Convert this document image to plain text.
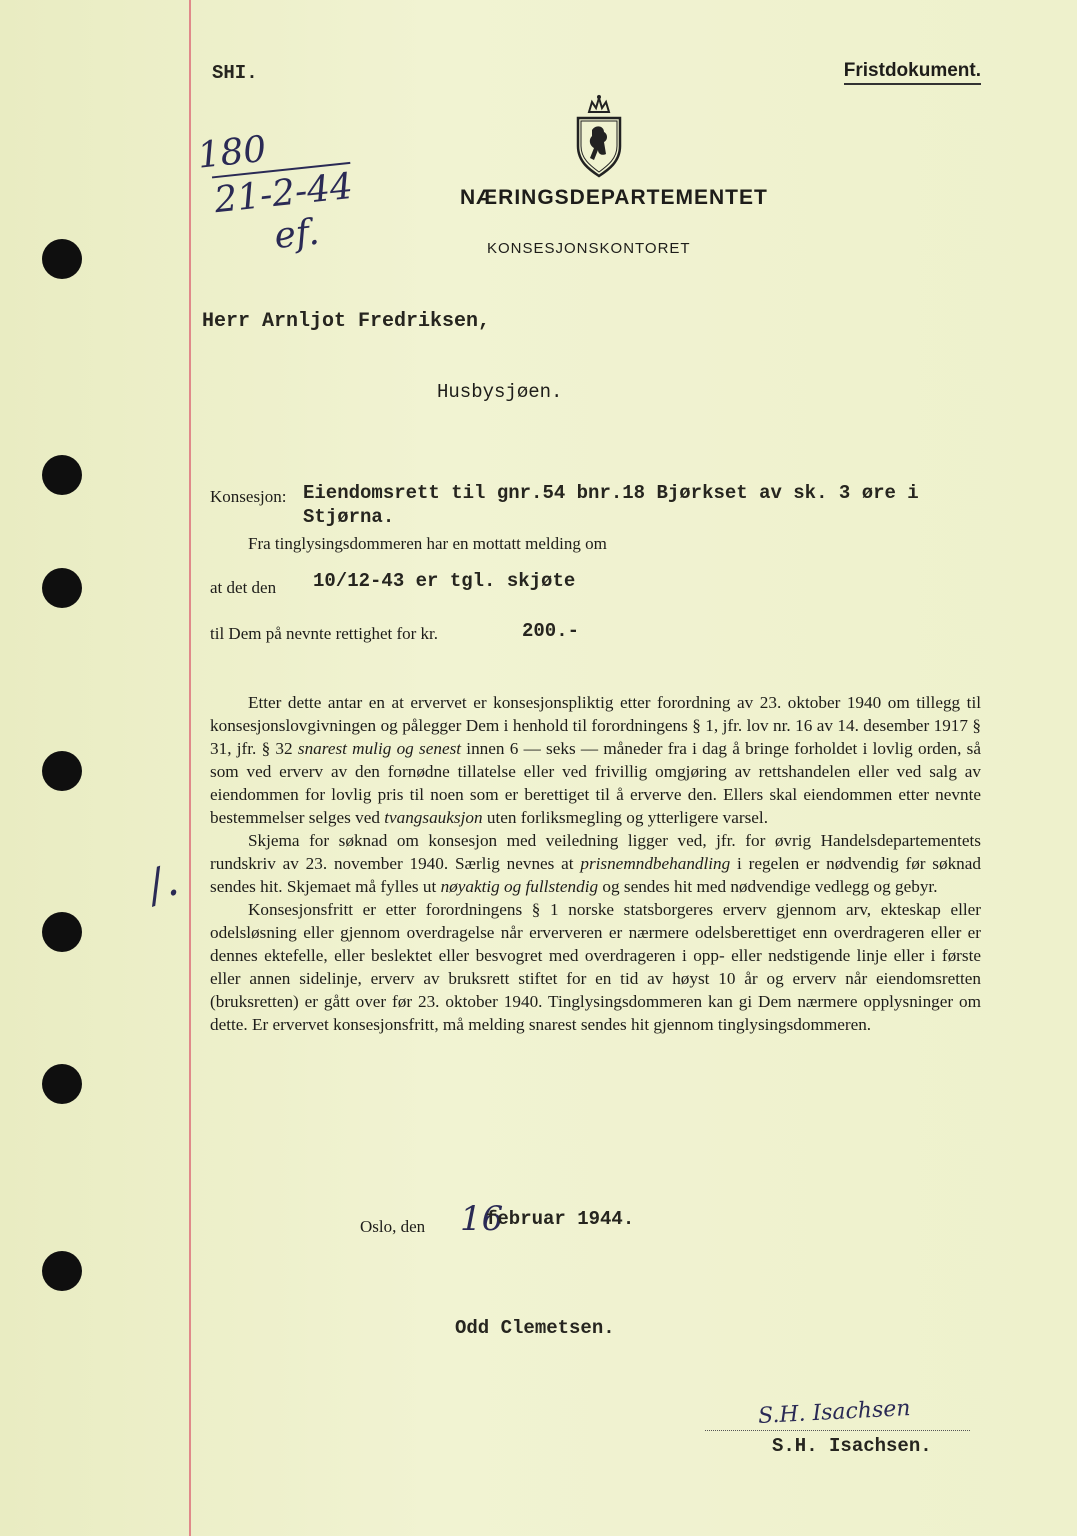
SHI.	Fristdokument.
180
21-2-44
ef.
NÆRINGSDEPARTEMENTET
KONSESJONSKONTORET
Herr Arnljot Fredriksen,
Husbysjøen.
Konsesjon: Eiendomsrett til gnr.54 bnr.18 Bjørkset av sk. 3 øre i Stjørna.
Fra tinglysingsdommeren har en mottatt melding om
at det den 10/12-43 er tgl. skjøte
til Dem på nevnte rettighet for kr.	200.-

Etter dette antar en at ervervet er konsesjonspliktig etter forordning av 23. oktober 1940 om tillegg til konsesjonslovgivningen og pålegger Dem i henhold til forordningens § 1, jfr. lov nr. 16 av 14. desember 1917 § 31, jfr. § 32 snarest mulig og senest innen 6 — seks — måneder fra i dag å bringe forholdet i lovlig orden, så som ved erverv av den fornødne tillatelse eller ved frivillig omgjøring av rettshandelen eller ved salg av eiendommen for lovlig pris til noen som er berettiget til å erverve den. Ellers skal eiendommen etter nevnte bestemmelser selges ved tvangsauksjon uten forliksmegling og ytterligere varsel.

Skjema for søknad om konsesjon med veiledning ligger ved, jfr. for øvrig Handelsdepartementets rundskriv av 23. november 1940. Særlig nevnes at prisnemndbehandling i regelen er nødvendig før søknad sendes hit. Skjemaet må fylles ut nøyaktig og fullstendig og sendes hit med nødvendige vedlegg og gebyr.

Konsesjonsfritt er etter forordningens § 1 norske statsborgeres erverv gjennom arv, ekteskap eller odelsløsning eller gjennom overdragelse når erververen er nærmere odelsberettiget enn overdrageren eller er dennes ektefelle, eller beslektet eller besvogret med overdrageren i opp- eller nedstigende linje eller i første eller annen sidelinje, erverv av bruksrett stiftet for en tid av høyst 10 år og erverv når eiendomsretten (bruksretten) er gått over før 23. oktober 1940. Tinglysingsdommeren kan gi Dem nærmere opplysninger om dette. Er ervervet konsesjonsfritt, må melding snarest sendes hit gjennom tinglysingsdommeren.

/.
Oslo, den 16
februar 1944.
Odd Clemetsen.
S.H. Isachsen
S.H. Isachsen.
